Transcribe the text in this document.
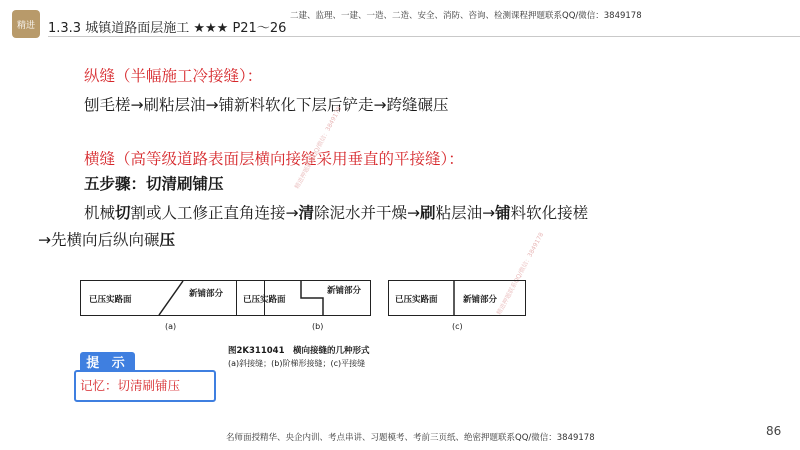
精进	1.3.3 城镇道路面层施工 ★★★ P21～26
二建、监理、一建、一造、二造、安全、消防、咨询、检测课程押题联系QQ/微信：3849178
纵缝（半幅施工冷接缝）：
刨毛槎→刷粘层油→铺新料软化下层后铲走→跨缝碾压
横缝（高等级道路表面层横向接缝采用垂直的平接缝）：
五步骤：切清刷铺压
机械切割或人工修正直角连接→清除泥水并干燥→刷粘层油→铺料软化接槎
→先横向后纵向碾压
精进押题联系QQ/微信：3849178
精进押题联系QQ/微信：3849178
已压实路面
新铺部分
(a)
已压实路面
新铺部分
(b)
已压实路面	新铺部分
(c)
图2K311041　横向接缝的几种形式
(a)斜接缝；(b)阶梯形接缝；(c)平接缝
提 示
记忆：切清刷铺压
名师面授精华、央企内训、考点串讲、习题模考、考前三页纸、绝密押题联系QQ/微信：3849178	86
